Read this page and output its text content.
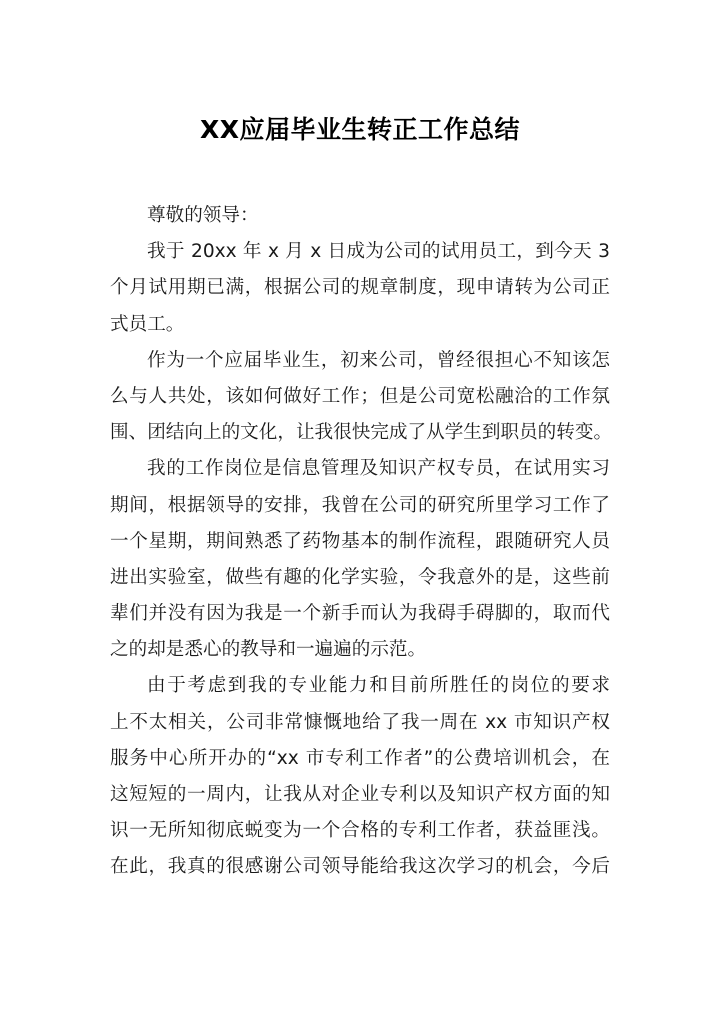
XX应届毕业生转正工作总结
尊敬的领导：
我于 20xx 年 x 月 x 日成为公司的试用员工，到今天 3
个月试用期已满，根据公司的规章制度，现申请转为公司正
式员工。
作为一个应届毕业生，初来公司，曾经很担心不知该怎
么与人共处，该如何做好工作；但是公司宽松融洽的工作氛
围、团结向上的文化，让我很快完成了从学生到职员的转变。
我的工作岗位是信息管理及知识产权专员，在试用实习
期间，根据领导的安排，我曾在公司的研究所里学习工作了
一个星期，期间熟悉了药物基本的制作流程，跟随研究人员
进出实验室，做些有趣的化学实验，令我意外的是，这些前
辈们并没有因为我是一个新手而认为我碍手碍脚的，取而代
之的却是悉心的教导和一遍遍的示范。
由于考虑到我的专业能力和目前所胜任的岗位的要求
上不太相关，公司非常慷慨地给了我一周在 xx 市知识产权
服务中心所开办的“xx 市专利工作者”的公费培训机会，在
这短短的一周内，让我从对企业专利以及知识产权方面的知
识一无所知彻底蜕变为一个合格的专利工作者，获益匪浅。
在此，我真的很感谢公司领导能给我这次学习的机会，今后
